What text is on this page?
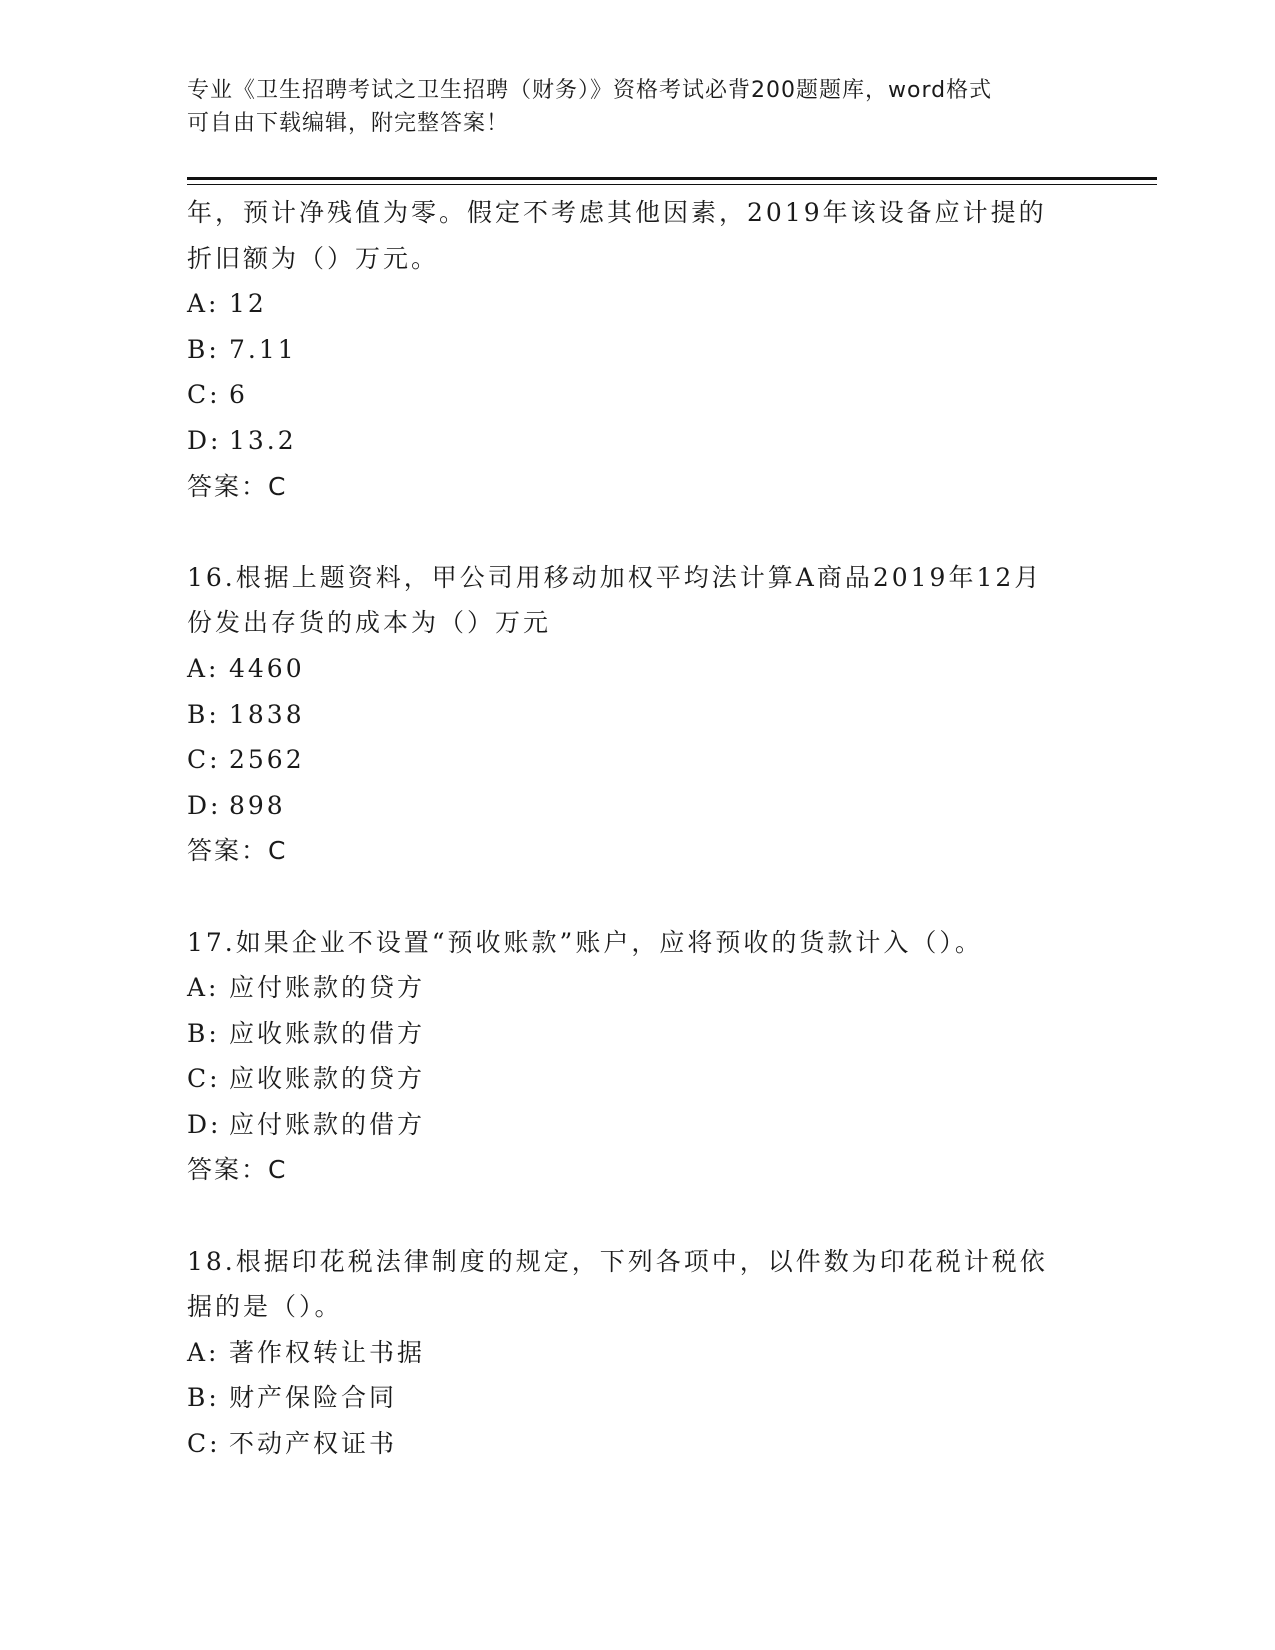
专业《卫生招聘考试之卫生招聘（财务）》资格考试必背200题题库，word格式
可自由下载编辑，附完整答案！
年，预计净残值为零。假定不考虑其他因素，2019年该设备应计提的
折旧额为（）万元。
A: 12
B: 7.11
C: 6
D: 13.2
答案：C
16.根据上题资料，甲公司用移动加权平均法计算A商品2019年12月
份发出存货的成本为（）万元
A: 4460
B: 1838
C: 2562
D: 898
答案：C
17.如果企业不设置“预收账款”账户，应将预收的货款计入（）。
A: 应付账款的贷方
B: 应收账款的借方
C: 应收账款的贷方
D: 应付账款的借方
答案：C
18.根据印花税法律制度的规定，下列各项中，以件数为印花税计税依
据的是（）。
A: 著作权转让书据
B: 财产保险合同
C: 不动产权证书
